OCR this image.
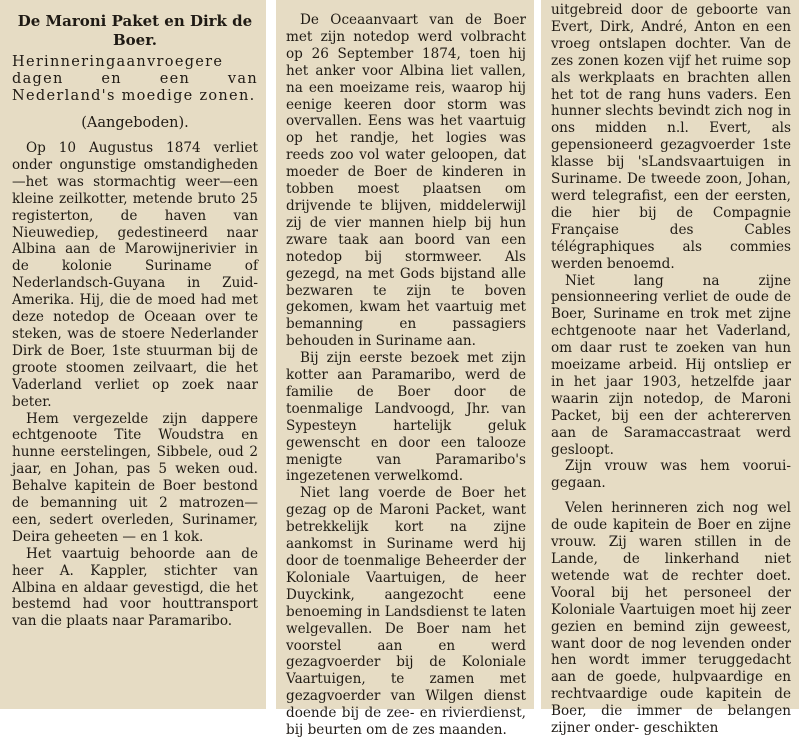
De Maroni Paket en Dirk de Boer.
Herinneringaanvroegere dagen en een van Nederland's moedige zonen.
(Aangeboden).

Op 10 Augustus 1874 verliet onder ongunstige omstandigheden—het was stormachtig weer—een kleine zeilkotter, metende bruto 25 registerton, de haven van Nieuwediep, gedestineerd naar Albina aan de Marowijnerivier in de kolonie Suriname of Nederlandsch-Guyana in Zuid-Amerika. Hij, die de moed had met deze notedop de Oceaan over te steken, was de stoere Nederlander Dirk de Boer, 1ste stuurman bij de groote stoomen zeilvaart, die het Vaderland verliet op zoek naar beter.

Hem vergezelde zijn dappere echtgenoote Tite Woudstra en hunne eerstelingen, Sibbele, oud 2 jaar, en Johan, pas 5 weken oud. Behalve kapitein de Boer bestond de bemanning uit 2 matrozen—een, sedert overleden, Surinamer, Deira geheeten — en 1 kok.

Het vaartuig behoorde aan de heer A. Kappler, stichter van Albina en aldaar gevestigd, die het bestemd had voor houttransport van die plaats naar Paramaribo.

De Oceaanvaart van de Boer met zijn notedop werd volbracht op 26 September 1874, toen hij het anker voor Albina liet vallen, na een moeizame reis, waarop hij eenige keeren door storm was overvallen. Eens was het vaartuig op het randje, het logies was reeds zoo vol water geloopen, dat moeder de Boer de kinderen in tobben moest plaatsen om drijvende te blijven, middelerwijl zij de vier mannen hielp bij hun zware taak aan boord van een notedop bij stormweer. Als gezegd, na met Gods bijstand alle bezwaren te zijn te boven gekomen, kwam het vaartuig met bemanning en passagiers behouden in Suriname aan.

Bij zijn eerste bezoek met zijn kotter aan Paramaribo, werd de familie de Boer door de toenmalige Landvoogd, Jhr. van Sypesteyn hartelijk geluk gewenscht en door een talooze menigte van Paramaribo's ingezetenen verwelkomd.

Niet lang voerde de Boer het gezag op de Maroni Packet, want betrekkelijk kort na zijne aankomst in Suriname werd hij door de toenmalige Beheerder der Koloniale Vaartuigen, de heer Duyckink, aangezocht eene benoeming in Landsdienst te laten welgevallen. De Boer nam het voorstel aan en werd gezagvoerder bij de Koloniale Vaartuigen, te zamen met gezagvoerder van Wilgen dienst doende bij de zee- en rivierdienst, bij beurten om de zes maanden.

uitgebreid door de geboorte van Evert, Dirk, André, Anton en een vroeg ontslapen dochter. Van de zes zonen kozen vijf het ruime sop als werkplaats en brachten allen het tot de rang huns vaders. Een hunner slechts bevindt zich nog in ons midden n.l. Evert, als gepensioneerd gezagvoerder 1ste klasse bij 'sLandsvaartuigen in Suriname. De tweede zoon, Johan, werd telegrafist, een der eersten, die hier bij de Compagnie Française des Cables télégraphiques als commies werden benoemd.

Niet lang na zijne pensionneering verliet de oude de Boer, Suriname en trok met zijne echtgenoote naar het Vaderland, om daar rust te zoeken van hun moeizame arbeid. Hij ontsliep er in het jaar 1903, hetzelfde jaar waarin zijn notedop, de Maroni Packet, bij een der achtererven aan de Saramaccastraat werd gesloopt.

Zijn vrouw was hem vooruigegaan.

Velen herinneren zich nog wel de oude kapitein de Boer en zijne vrouw. Zij waren stillen in de Lande, de linkerhand niet wetende wat de rechter doet. Vooral bij het personeel der Koloniale Vaartuigen moet hij zeer gezien en bemind zijn geweest, want door de nog levenden onder hen wordt immer teruggedacht aan de goede, hulpvaardige en rechtvaardige oude kapitein de Boer, die immer de belangen zijner onder- geschikten
